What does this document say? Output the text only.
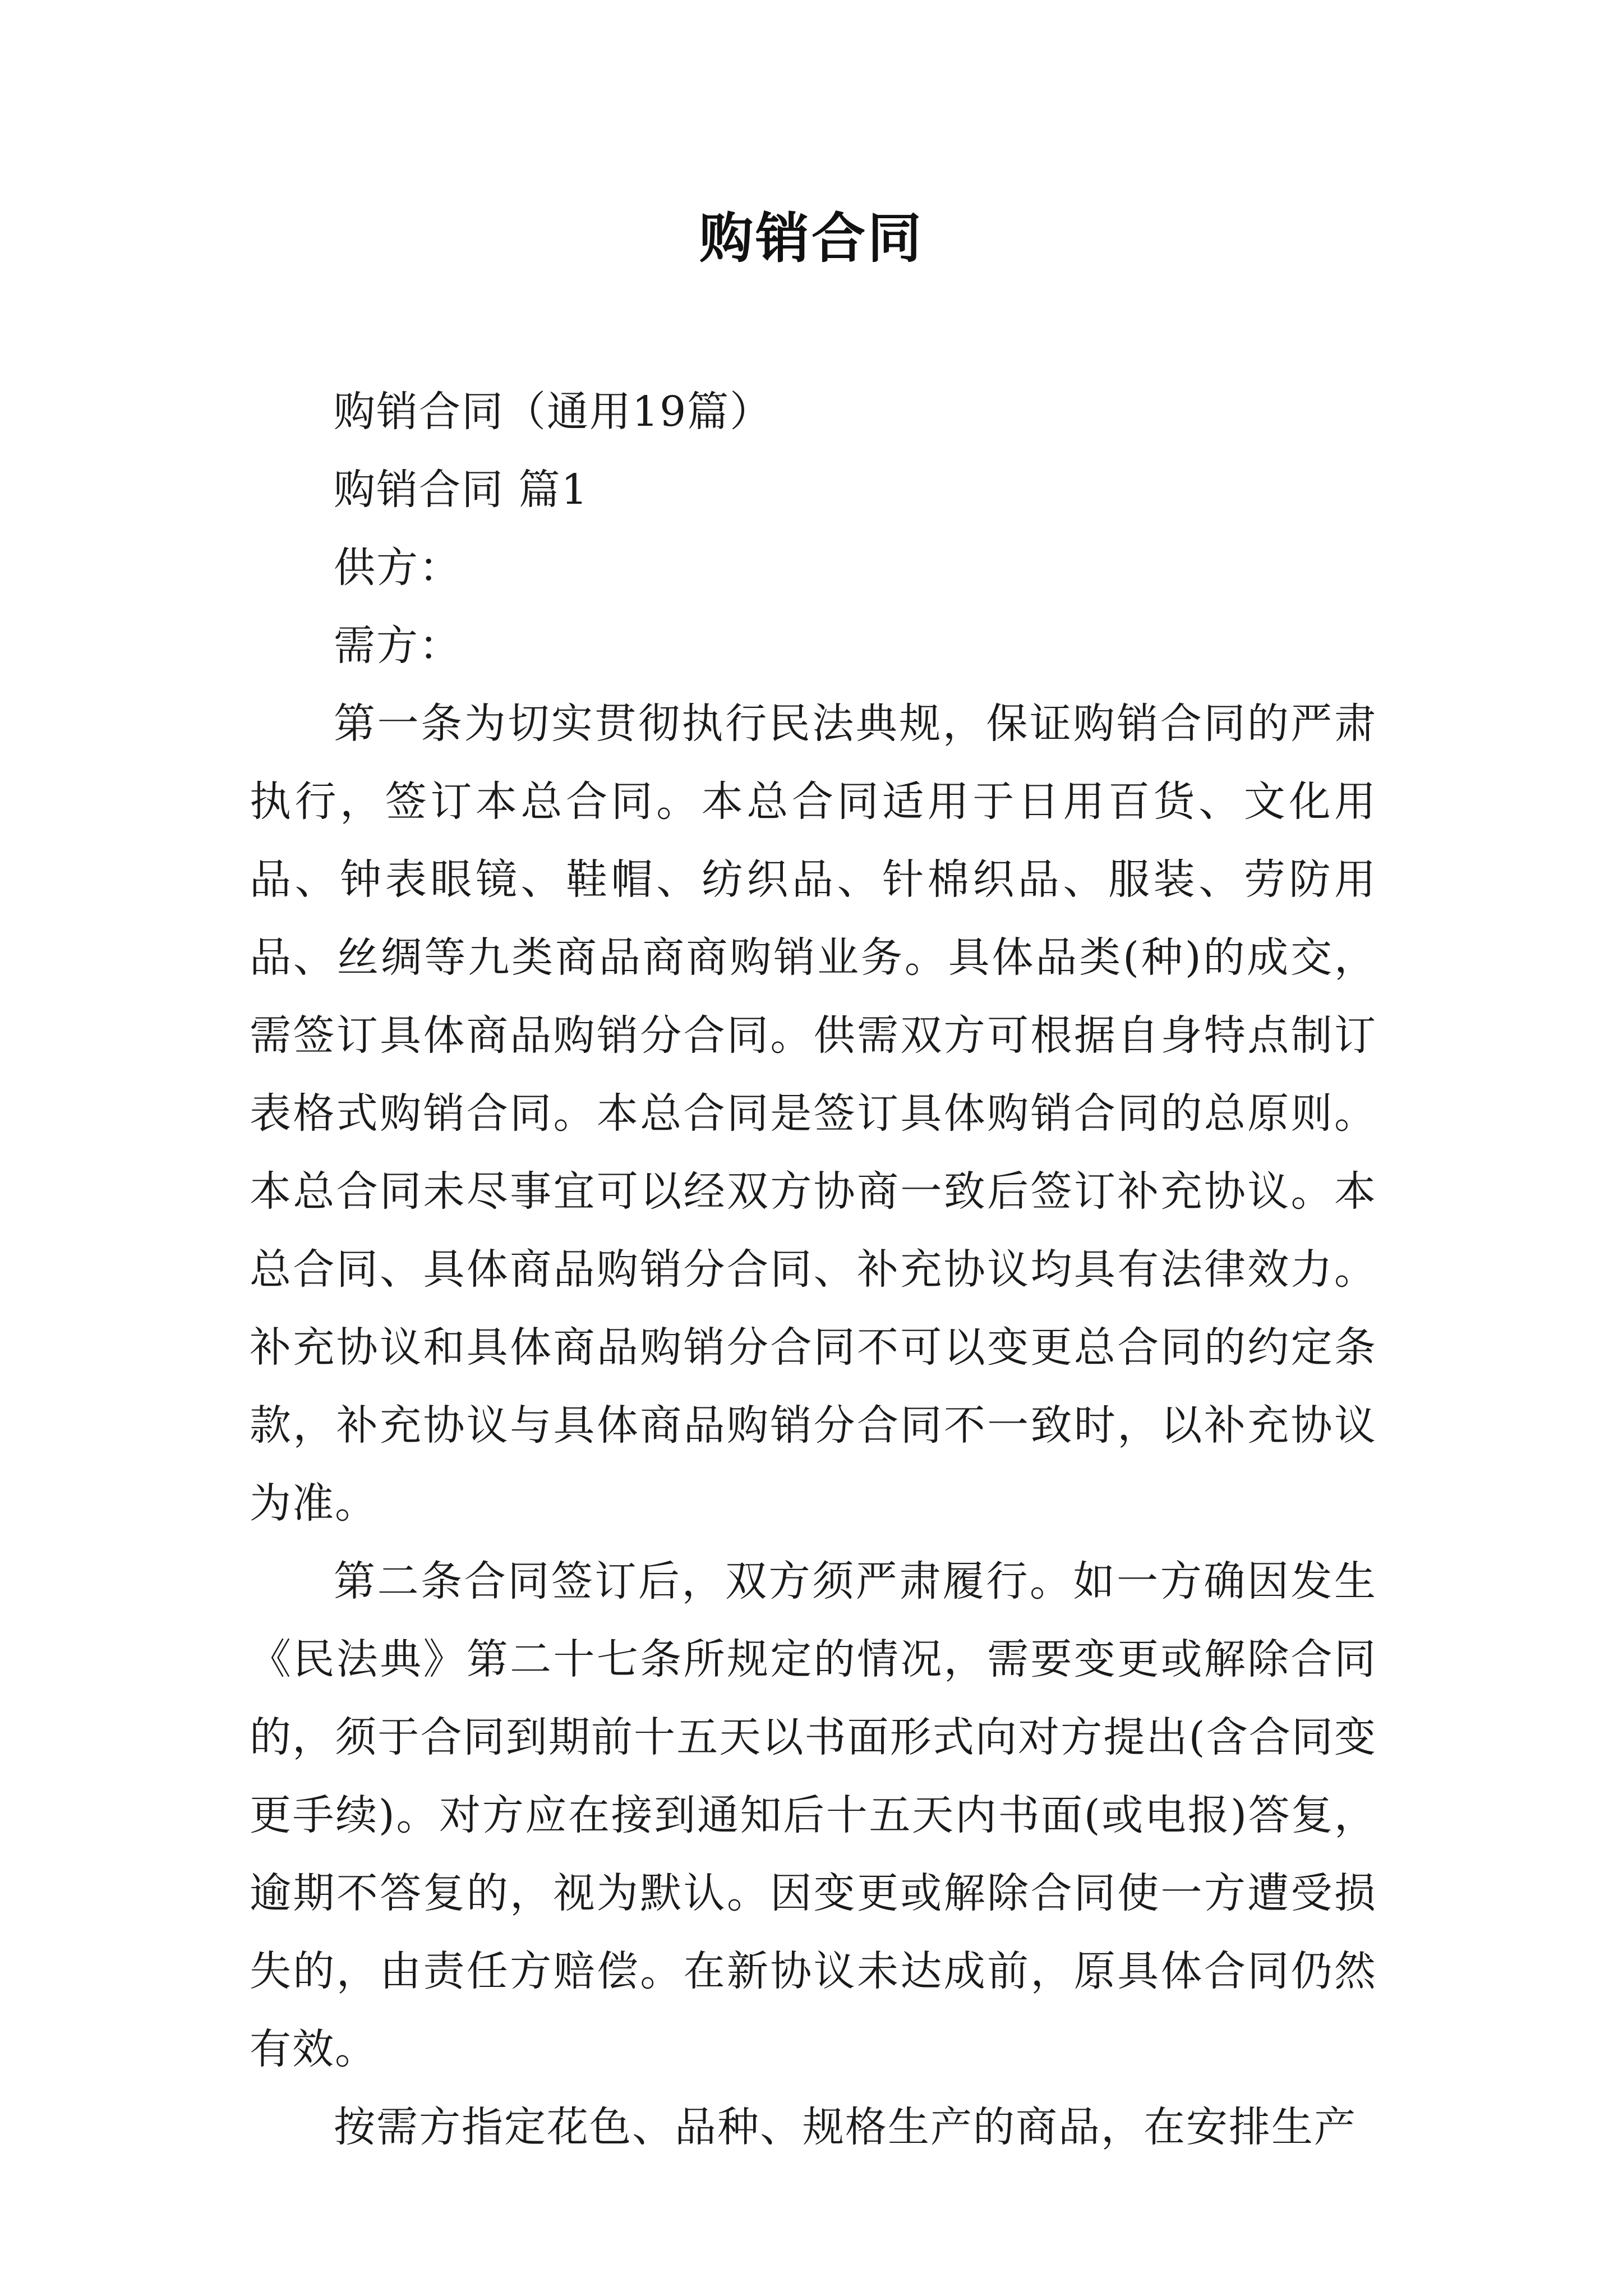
购销合同

购销合同（通用19篇）

购销合同 篇1

供方：

需方：

第一条为切实贯彻执行民法典规，保证购销合同的严肃执行，签订本总合同。本总合同适用于日用百货、文化用品、钟表眼镜、鞋帽、纺织品、针棉织品、服装、劳防用品、丝绸等九类商品商商购销业务。具体品类(种)的成交，需签订具体商品购销分合同。供需双方可根据自身特点制订表格式购销合同。本总合同是签订具体购销合同的总原则。本总合同未尽事宜可以经双方协商一致后签订补充协议。本总合同、具体商品购销分合同、补充协议均具有法律效力。补充协议和具体商品购销分合同不可以变更总合同的约定条款，补充协议与具体商品购销分合同不一致时，以补充协议为准。

第二条合同签订后，双方须严肃履行。如一方确因发生《民法典》第二十七条所规定的情况，需要变更或解除合同的，须于合同到期前十五天以书面形式向对方提出(含合同变更手续)。对方应在接到通知后十五天内书面(或电报)答复，逾期不答复的，视为默认。因变更或解除合同使一方遭受损失的，由责任方赔偿。在新协议未达成前，原具体合同仍然有效。

按需方指定花色、品种、规格生产的商品，在安排生产
